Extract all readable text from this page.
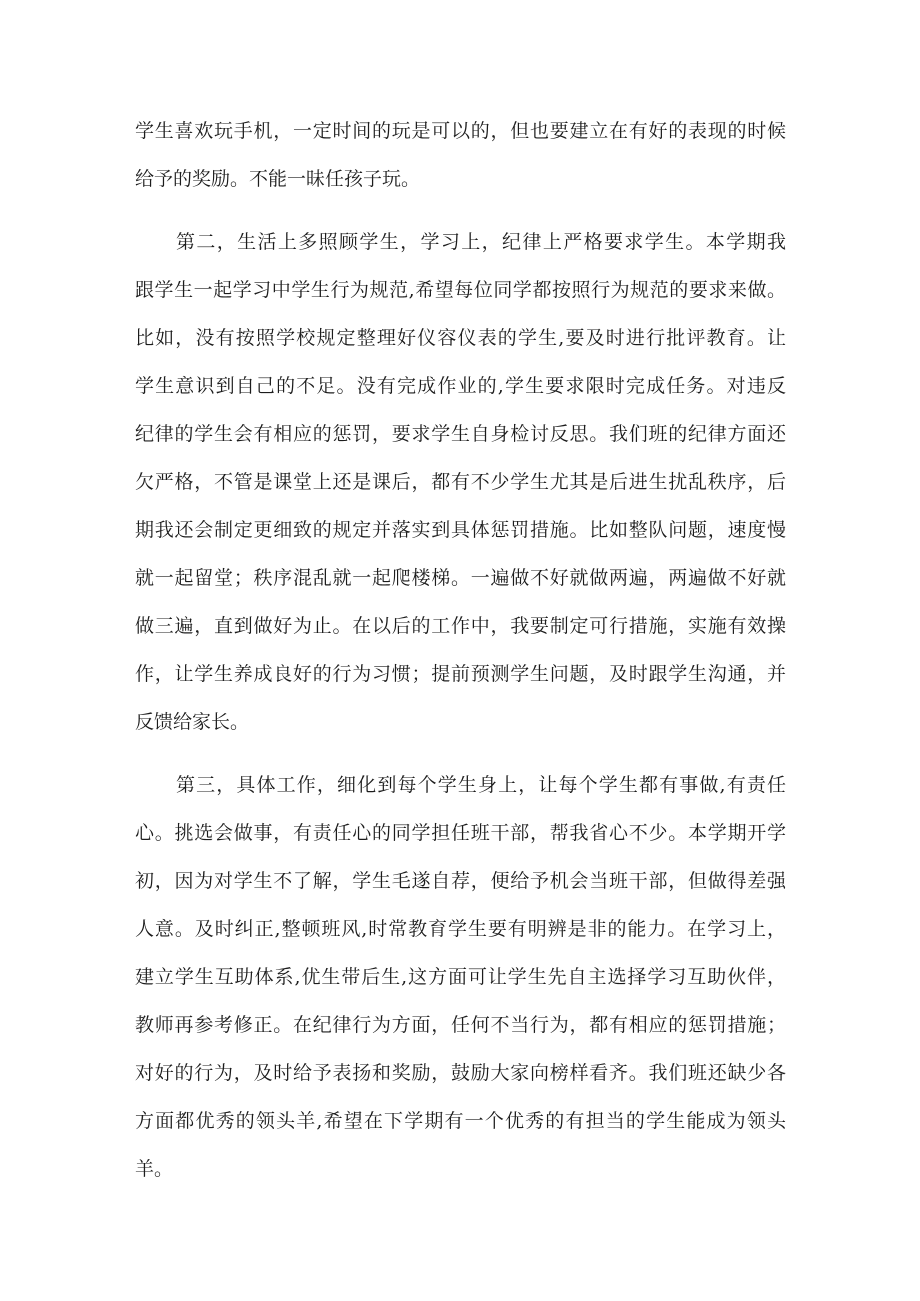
学生喜欢玩手机，一定时间的玩是可以的，但也要建立在有好的表现的时候
给予的奖励。不能一昧任孩子玩。
第二，生活上多照顾学生，学习上，纪律上严格要求学生。本学期我
跟学生一起学习中学生行为规范,希望每位同学都按照行为规范的要求来做。
比如，没有按照学校规定整理好仪容仪表的学生,要及时进行批评教育。让
学生意识到自己的不足。没有完成作业的,学生要求限时完成任务。对违反
纪律的学生会有相应的惩罚，要求学生自身检讨反思。我们班的纪律方面还
欠严格，不管是课堂上还是课后，都有不少学生尤其是后进生扰乱秩序，后
期我还会制定更细致的规定并落实到具体惩罚措施。比如整队问题，速度慢
就一起留堂；秩序混乱就一起爬楼梯。一遍做不好就做两遍，两遍做不好就
做三遍，直到做好为止。在以后的工作中，我要制定可行措施，实施有效操
作，让学生养成良好的行为习惯；提前预测学生问题，及时跟学生沟通，并
反馈给家长。
第三，具体工作，细化到每个学生身上，让每个学生都有事做,有责任
心。挑选会做事，有责任心的同学担任班干部，帮我省心不少。本学期开学
初，因为对学生不了解，学生毛遂自荐，便给予机会当班干部，但做得差强
人意。及时纠正,整顿班风,时常教育学生要有明辨是非的能力。在学习上，
建立学生互助体系,优生带后生,这方面可让学生先自主选择学习互助伙伴，
教师再参考修正。在纪律行为方面，任何不当行为，都有相应的惩罚措施；
对好的行为，及时给予表扬和奖励，鼓励大家向榜样看齐。我们班还缺少各
方面都优秀的领头羊,希望在下学期有一个优秀的有担当的学生能成为领头
羊。
